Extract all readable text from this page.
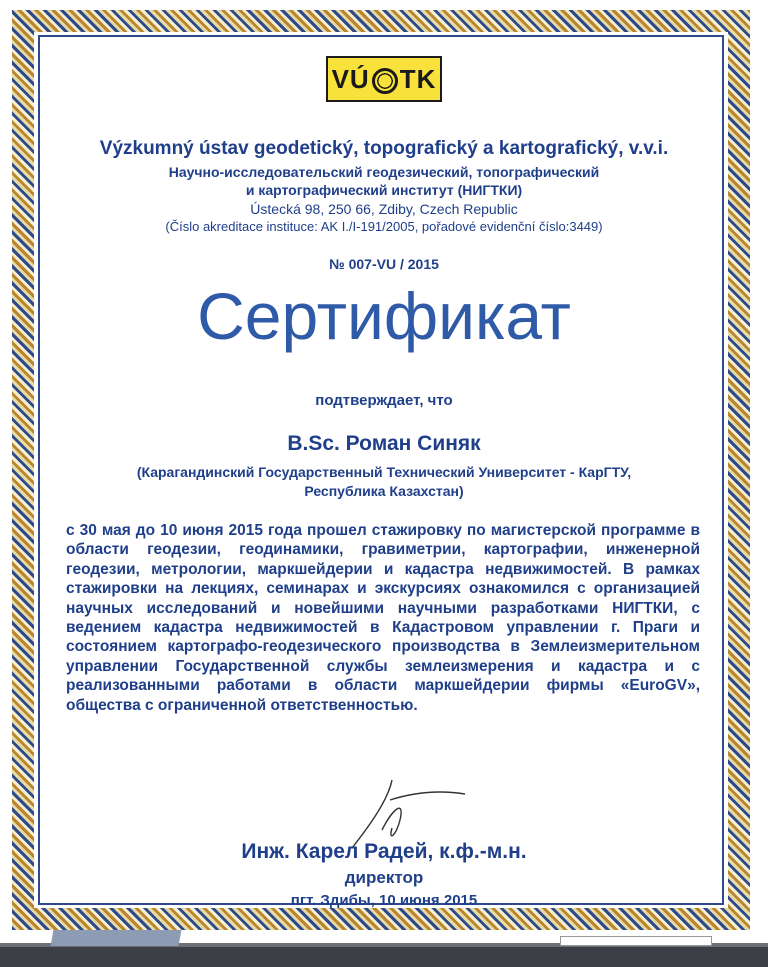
VÚ TK
Výzkumný ústav geodetický, topografický a kartografický, v.v.i.
Научно-исследовательский геодезический, топографический
и картографический институт (НИГТКИ)
Ústecká 98, 250 66, Zdiby, Czech Republic
(Číslo akreditace instituce: AK I./I-191/2005, pořadové evidenční číslo:3449)
№ 007-VU / 2015
Сертификат
подтверждает, что
B.Sc. Роман Синяк
(Карагандинский Государственный Технический Университет - КарГТУ,
Республика Казахстан)

с 30 мая до 10 июня 2015 года прошел стажировку по магистерской программе в области геодезии, геодинамики, гравиметрии, картографии, инженерной геодезии, метрологии, маркшейдерии и кадастра недвижимостей. В рамках стажировки на лекциях, семинарах и экскурсиях ознакомился с организацией научных исследований и новейшими научными разработками НИГТКИ, с ведением кадастра недвижимостей в Кадастровом управлении г. Праги и состоянием картографо-геодезического производства в Землеизмерительном управлении Государственной службы землеизмерения и кадастра и с реализованными работами в области маркшейдерии фирмы «EuroGV», общества с ограниченной ответственностью.

Инж. Карел Радей, к.ф.-м.н.
директор
пгт. Здибы, 10 июня 2015
